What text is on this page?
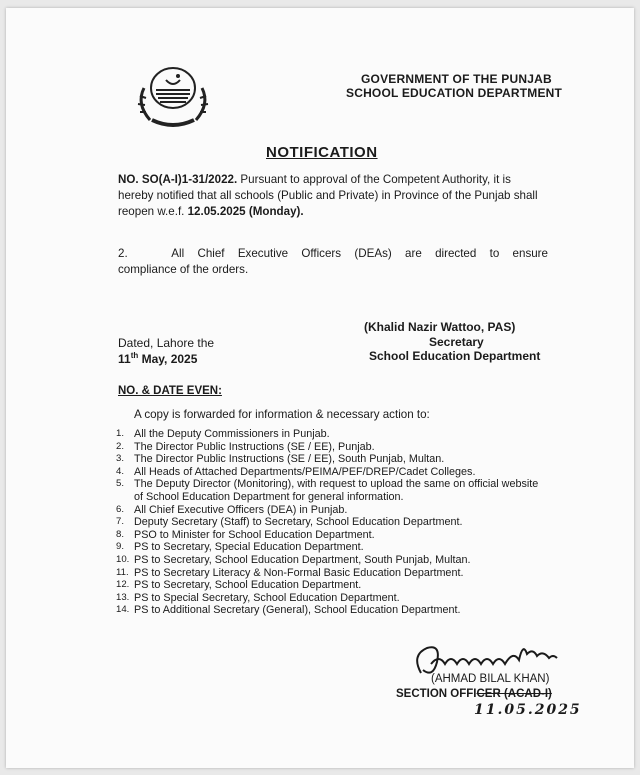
GOVERNMENT OF THE PUNJAB
SCHOOL EDUCATION DEPARTMENT
NOTIFICATION
NO. SO(A-I)1-31/2022. Pursuant to approval of the Competent Authority, it is hereby notified that all schools (Public and Private) in Province of the Punjab shall reopen w.e.f. 12.05.2025 (Monday).
2.	All Chief Executive Officers (DEAs) are directed to ensure
compliance of the orders.
(Khalid Nazir Wattoo, PAS)
Secretary
School Education Department
Dated, Lahore the
11th May, 2025
NO. & DATE EVEN:
A copy is forwarded for information & necessary action to:
1. All the Deputy Commissioners in Punjab.
2. The Director Public Instructions (SE / EE), Punjab.
3. The Director Public Instructions (SE / EE), South Punjab, Multan.
4. All Heads of Attached Departments/PEIMA/PEF/DREP/Cadet Colleges.
5. The Deputy Director (Monitoring), with request to upload the same on official website of School Education Department for general information.
6. All Chief Executive Officers (DEA) in Punjab.
7. Deputy Secretary (Staff) to Secretary, School Education Department.
8. PSO to Minister for School Education Department.
9. PS to Secretary, Special Education Department.
10. PS to Secretary, School Education Department, South Punjab, Multan.
11. PS to Secretary Literacy & Non-Formal Basic Education Department.
12. PS to Secretary, School Education Department.
13. PS to Special Secretary, School Education Department.
14. PS to Additional Secretary (General), School Education Department.
(AHMAD BILAL KHAN)
SECTION OFFICER (ACAD-I)
11.05.2025
